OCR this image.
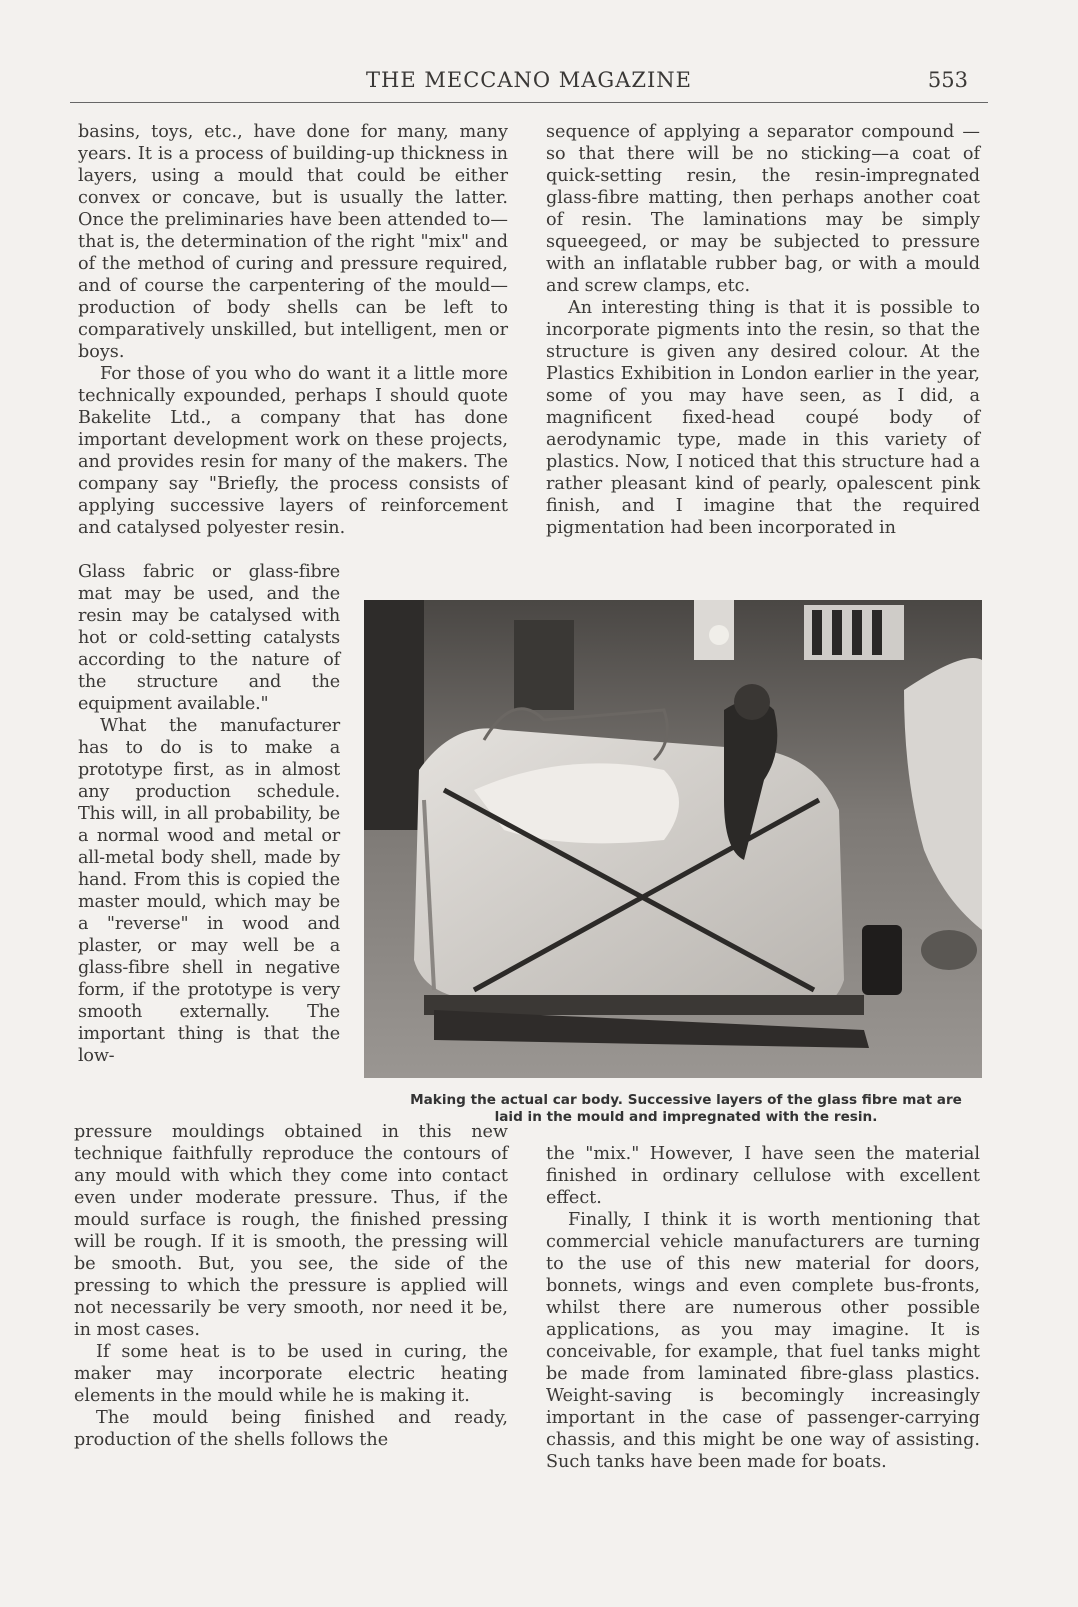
THE MECCANO MAGAZINE	553

basins, toys, etc., have done for many, many years. It is a process of building-up thickness in layers, using a mould that could be either convex or concave, but is usually the latter. Once the preliminaries have been attended to—that is, the determination of the right "mix" and of the method of curing and pressure required, and of course the carpentering of the mould—production of body shells can be left to comparatively unskilled, but intelligent, men or boys.

For those of you who do want it a little more technically expounded, perhaps I should quote Bakelite Ltd., a company that has done important development work on these projects, and provides resin for many of the makers. The company say "Briefly, the process consists of applying successive layers of reinforcement and catalysed polyester resin.

Glass fabric or glass-fibre mat may be used, and the resin may be catalysed with hot or cold-setting catalysts according to the nature of the structure and the equipment available."

What the manufacturer has to do is to make a prototype first, as in almost any production schedule. This will, in all probability, be a normal wood and metal or all-metal body shell, made by hand. From this is copied the master mould, which may be a "reverse" in wood and plaster, or may well be a glass-fibre shell in negative form, if the prototype is very smooth externally. The important thing is that the low-

pressure mouldings obtained in this new technique faithfully reproduce the contours of any mould with which they come into contact even under moderate pressure. Thus, if the mould surface is rough, the finished pressing will be rough. If it is smooth, the pressing will be smooth. But, you see, the side of the pressing to which the pressure is applied will not necessarily be very smooth, nor need it be, in most cases.

If some heat is to be used in curing, the maker may incorporate electric heating elements in the mould while he is making it.

The mould being finished and ready, production of the shells follows the

sequence of applying a separator compound —so that there will be no sticking—a coat of quick-setting resin, the resin-impregnated glass-fibre matting, then perhaps another coat of resin. The laminations may be simply squeegeed, or may be subjected to pressure with an inflatable rubber bag, or with a mould and screw clamps, etc.

An interesting thing is that it is possible to incorporate pigments into the resin, so that the structure is given any desired colour. At the Plastics Exhibition in London earlier in the year, some of you may have seen, as I did, a magnificent fixed-head coupé body of aerodynamic type, made in this variety of plastics. Now, I noticed that this structure had a rather pleasant kind of pearly, opalescent pink finish, and I imagine that the required pigmentation had been incorporated in

Making the actual car body. Successive layers of the glass fibre mat are
laid in the mould and impregnated with the resin.

the "mix." However, I have seen the material finished in ordinary cellulose with excellent effect.

Finally, I think it is worth mentioning that commercial vehicle manufacturers are turning to the use of this new material for doors, bonnets, wings and even complete bus-fronts, whilst there are numerous other possible applications, as you may imagine. It is conceivable, for example, that fuel tanks might be made from laminated fibre-glass plastics. Weight-saving is becomingly increasingly important in the case of passenger-carrying chassis, and this might be one way of assisting. Such tanks have been made for boats.
